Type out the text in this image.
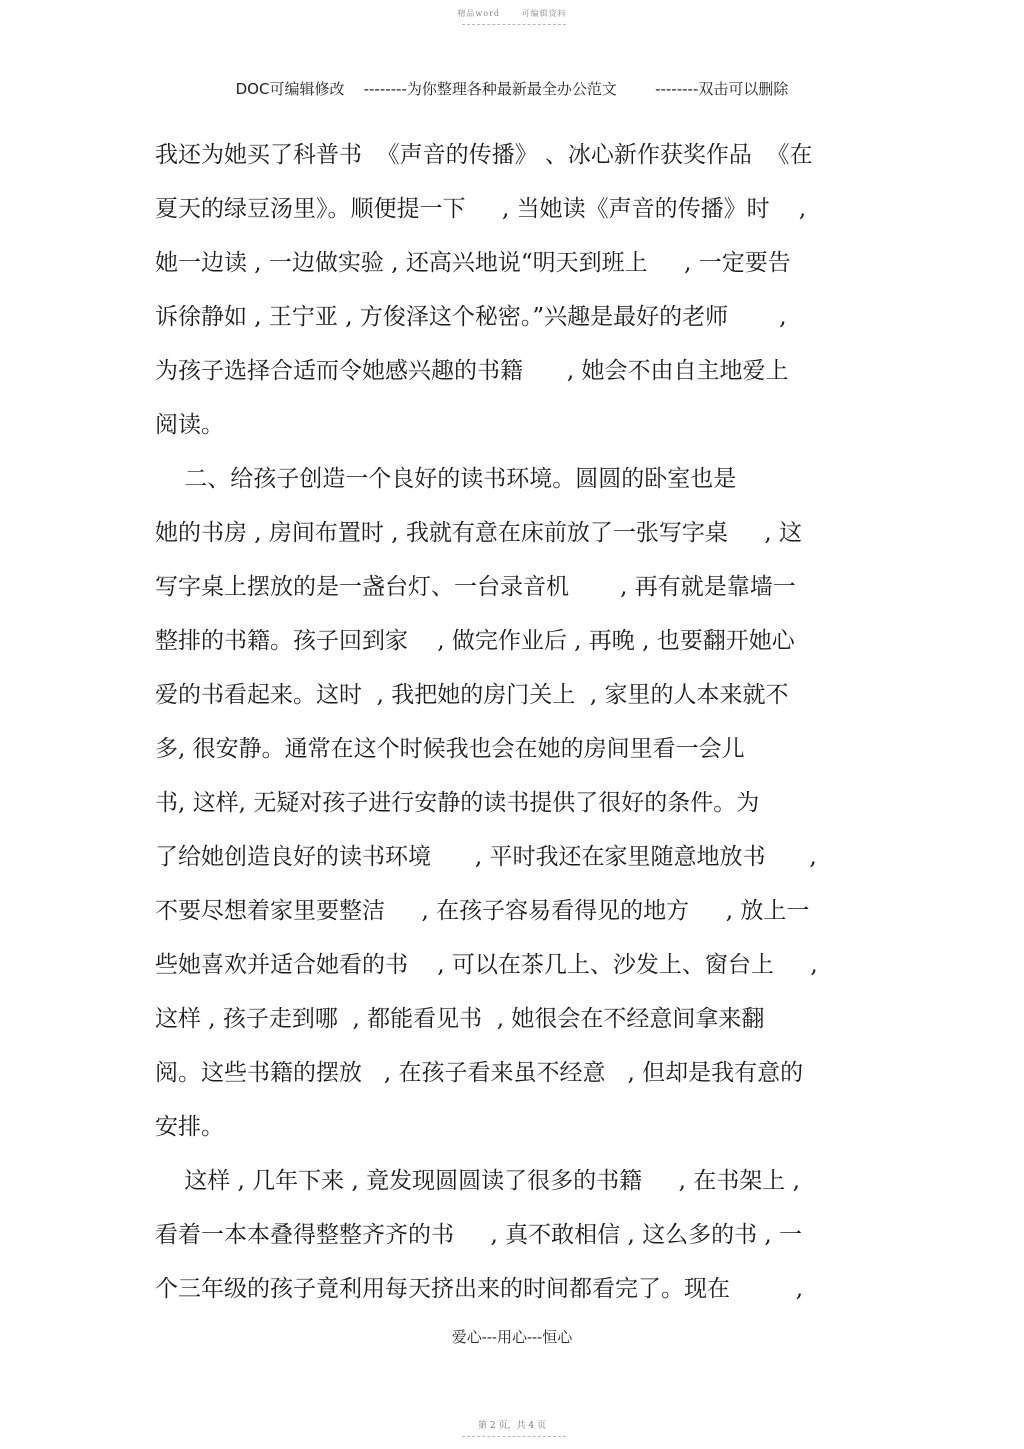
精品word	可编辑资料
DOC可编辑修改 --------为你整理各种最新最全办公范文	--------双击可以删除
我还为她买了科普书  《声音的传播》 、冰心新作获奖作品  《在
夏天的绿豆汤里》。顺便提一下     , 当她读《声音的传播》时    ,
她一边读 , 一边做实验 , 还高兴地说“明天到班上     , 一定要告
诉徐静如 , 王宁亚 , 方俊泽这个秘密。”兴趣是最好的老师       ,
为孩子选择合适而令她感兴趣的书籍      , 她会不由自主地爱上
阅读。
二、给孩子创造一个良好的读书环境。圆圆的卧室也是
她的书房 , 房间布置时 , 我就有意在床前放了一张写字桌     , 这
写字桌上摆放的是一盏台灯、一台录音机       , 再有就是靠墙一
整排的书籍。孩子回到家    , 做完作业后 , 再晚 , 也要翻开她心
爱的书看起来。这时  , 我把她的房门关上  , 家里的人本来就不
多, 很安静。通常在这个时候我也会在她的房间里看一会儿
书, 这样, 无疑对孩子进行安静的读书提供了很好的条件。为
了给她创造良好的读书环境      , 平时我还在家里随意地放书      ,
不要尽想着家里要整洁     , 在孩子容易看得见的地方     , 放上一
些她喜欢并适合她看的书    , 可以在茶几上、沙发上、窗台上     ,
这样 , 孩子走到哪  , 都能看见书  , 她很会在不经意间拿来翻
阅。这些书籍的摆放   , 在孩子看来虽不经意   , 但却是我有意的
安排。
这样 , 几年下来 , 竟发现圆圆读了很多的书籍     , 在书架上 ,
看着一本本叠得整整齐齐的书     , 真不敢相信 , 这么多的书 , 一
个三年级的孩子竟利用每天挤出来的时间都看完了。现在         ,
爱心---用心---恒心
第 2 页，共 4 页
